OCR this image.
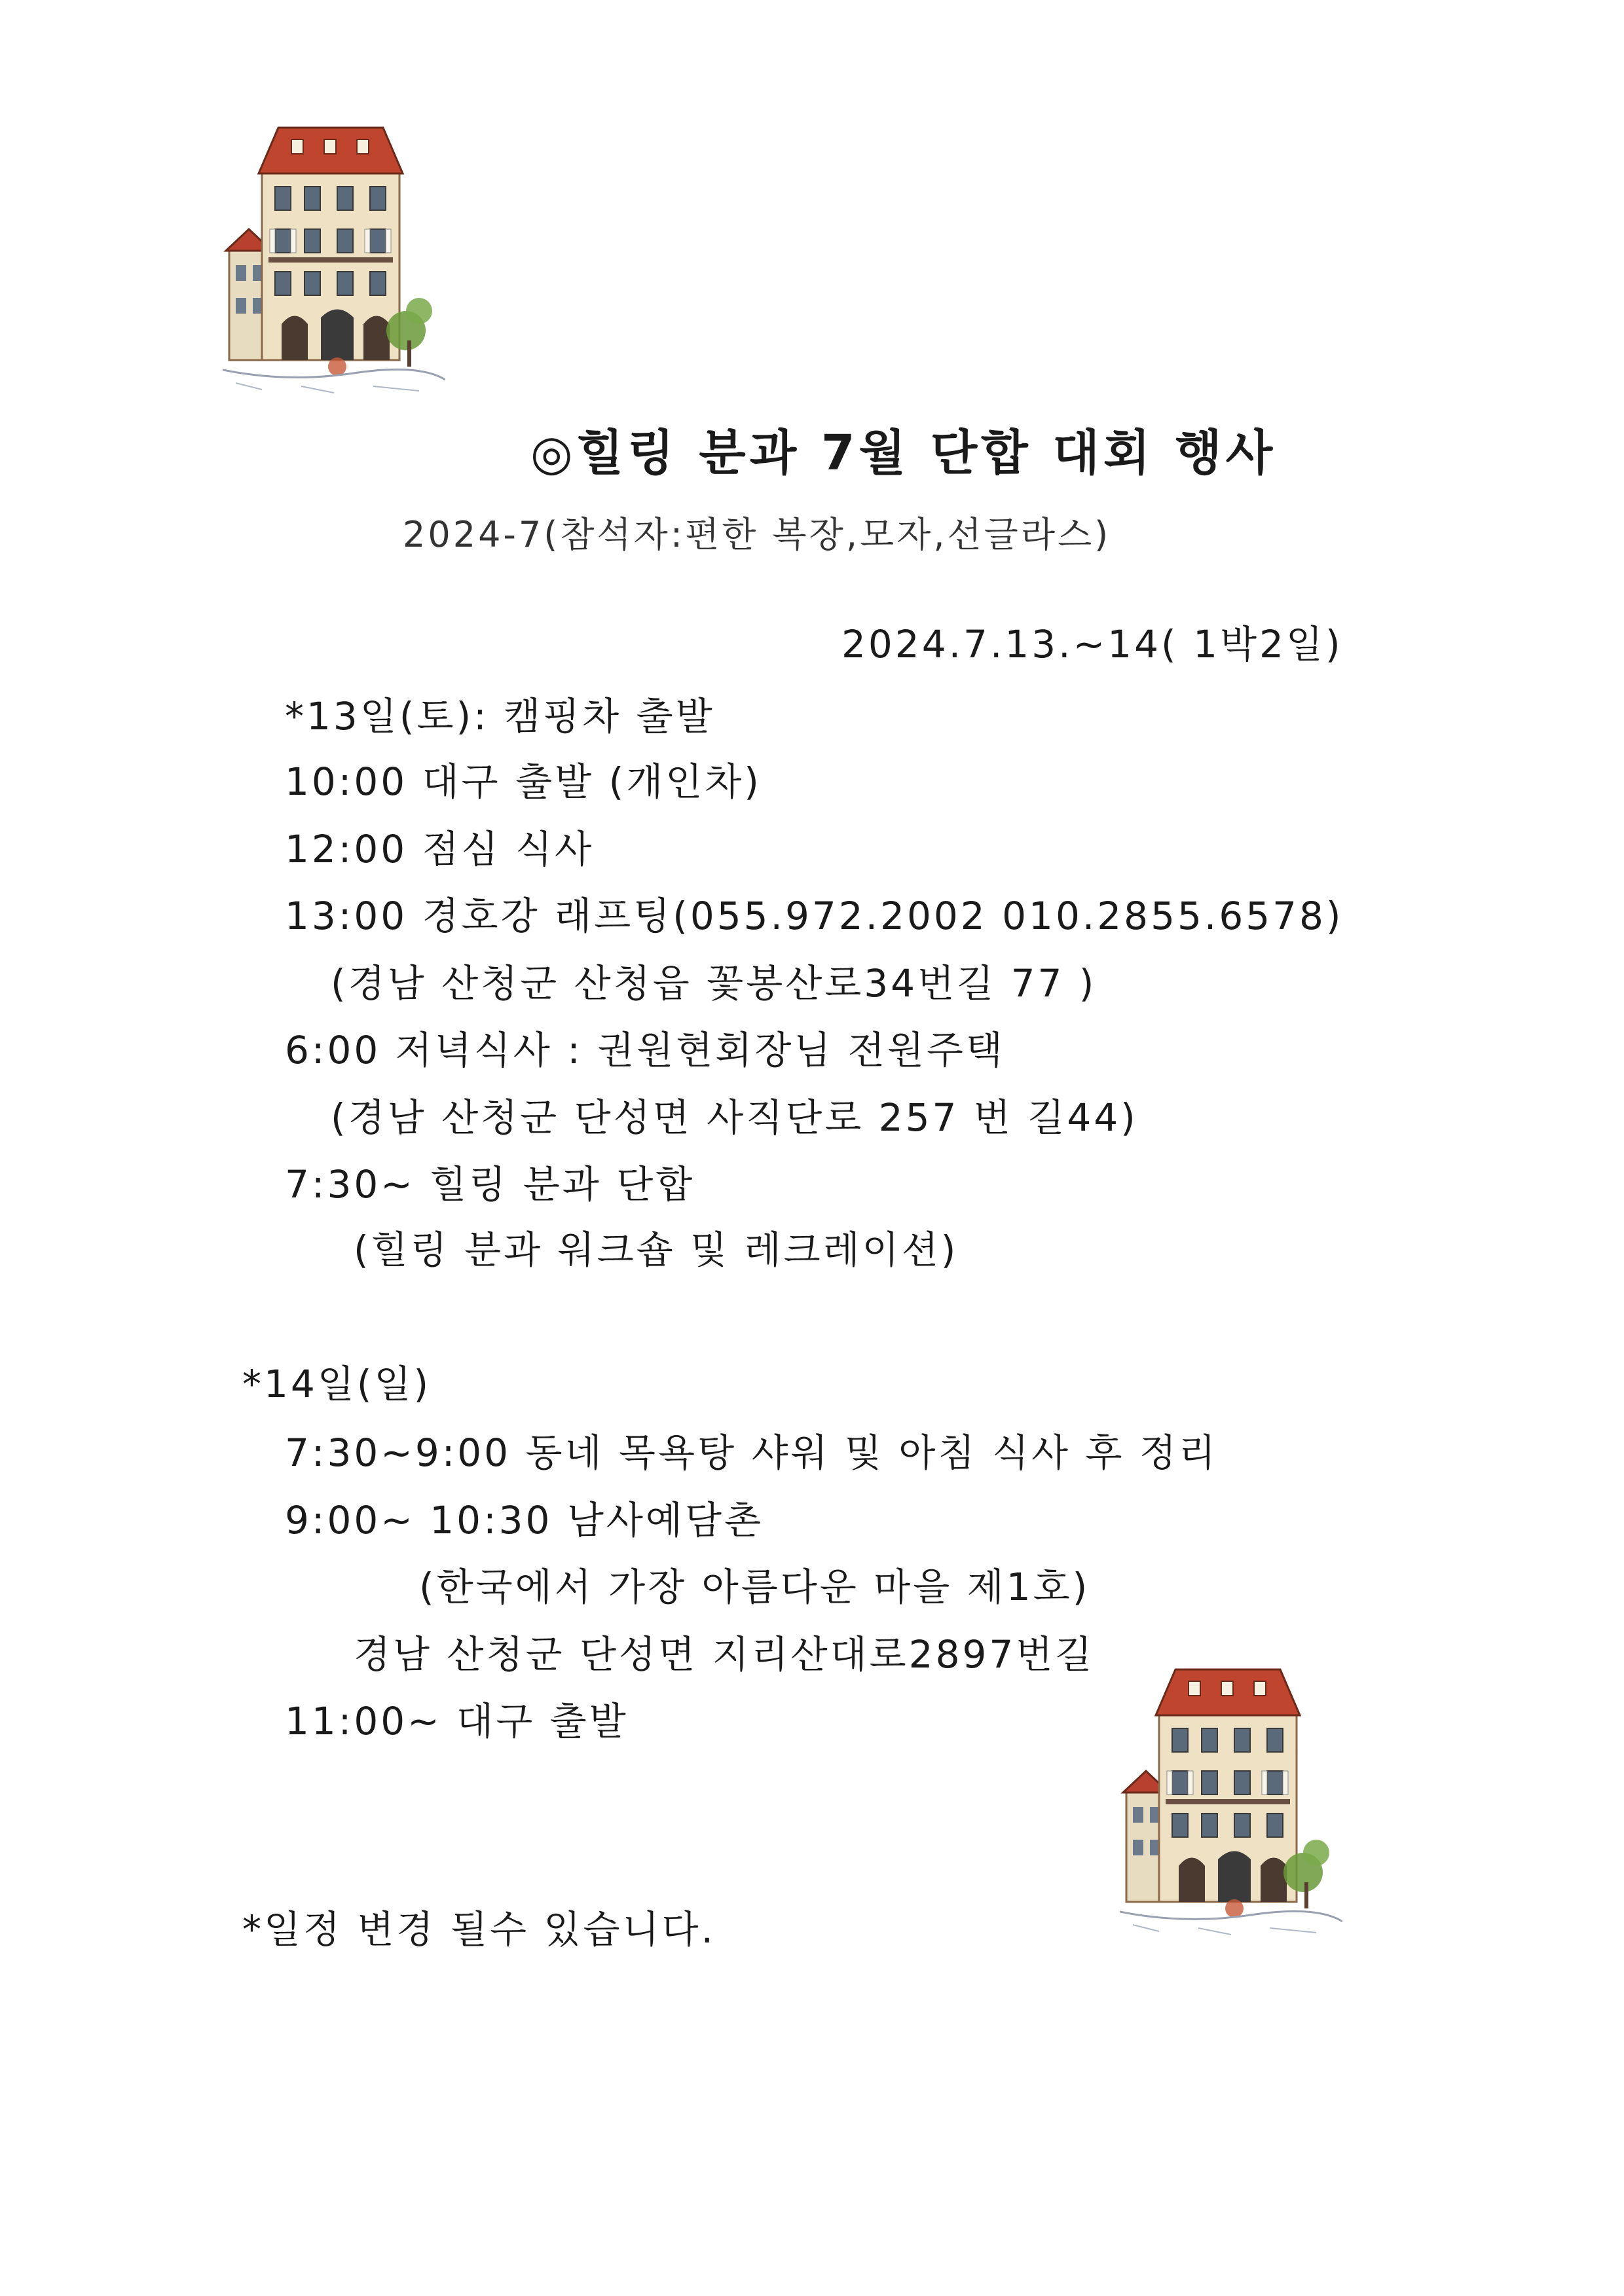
◎힐링 분과 7월 단합 대회 행사
2024-7(참석자:편한 복장,모자,선글라스)
2024.7.13.~14( 1박2일)
*13일(토): 캠핑차 출발
10:00 대구 출발 (개인차)
12:00 점심 식사
13:00 경호강 래프팅(055.972.2002 010.2855.6578)
(경남 산청군 산청읍 꽃봉산로34번길 77 )
6:00 저녁식사 : 권원현회장님 전원주택
(경남 산청군 단성면 사직단로 257 번 길44)
7:30~ 힐링 분과 단합
(힐링 분과 워크숍 및 레크레이션)
*14일(일)
7:30~9:00 동네 목욕탕 샤워 및 아침 식사 후 정리
9:00~ 10:30 남사예담촌
(한국에서 가장 아름다운 마을 제1호)
경남 산청군 단성면 지리산대로2897번길
11:00~ 대구 출발
*일정 변경 될수 있습니다.
